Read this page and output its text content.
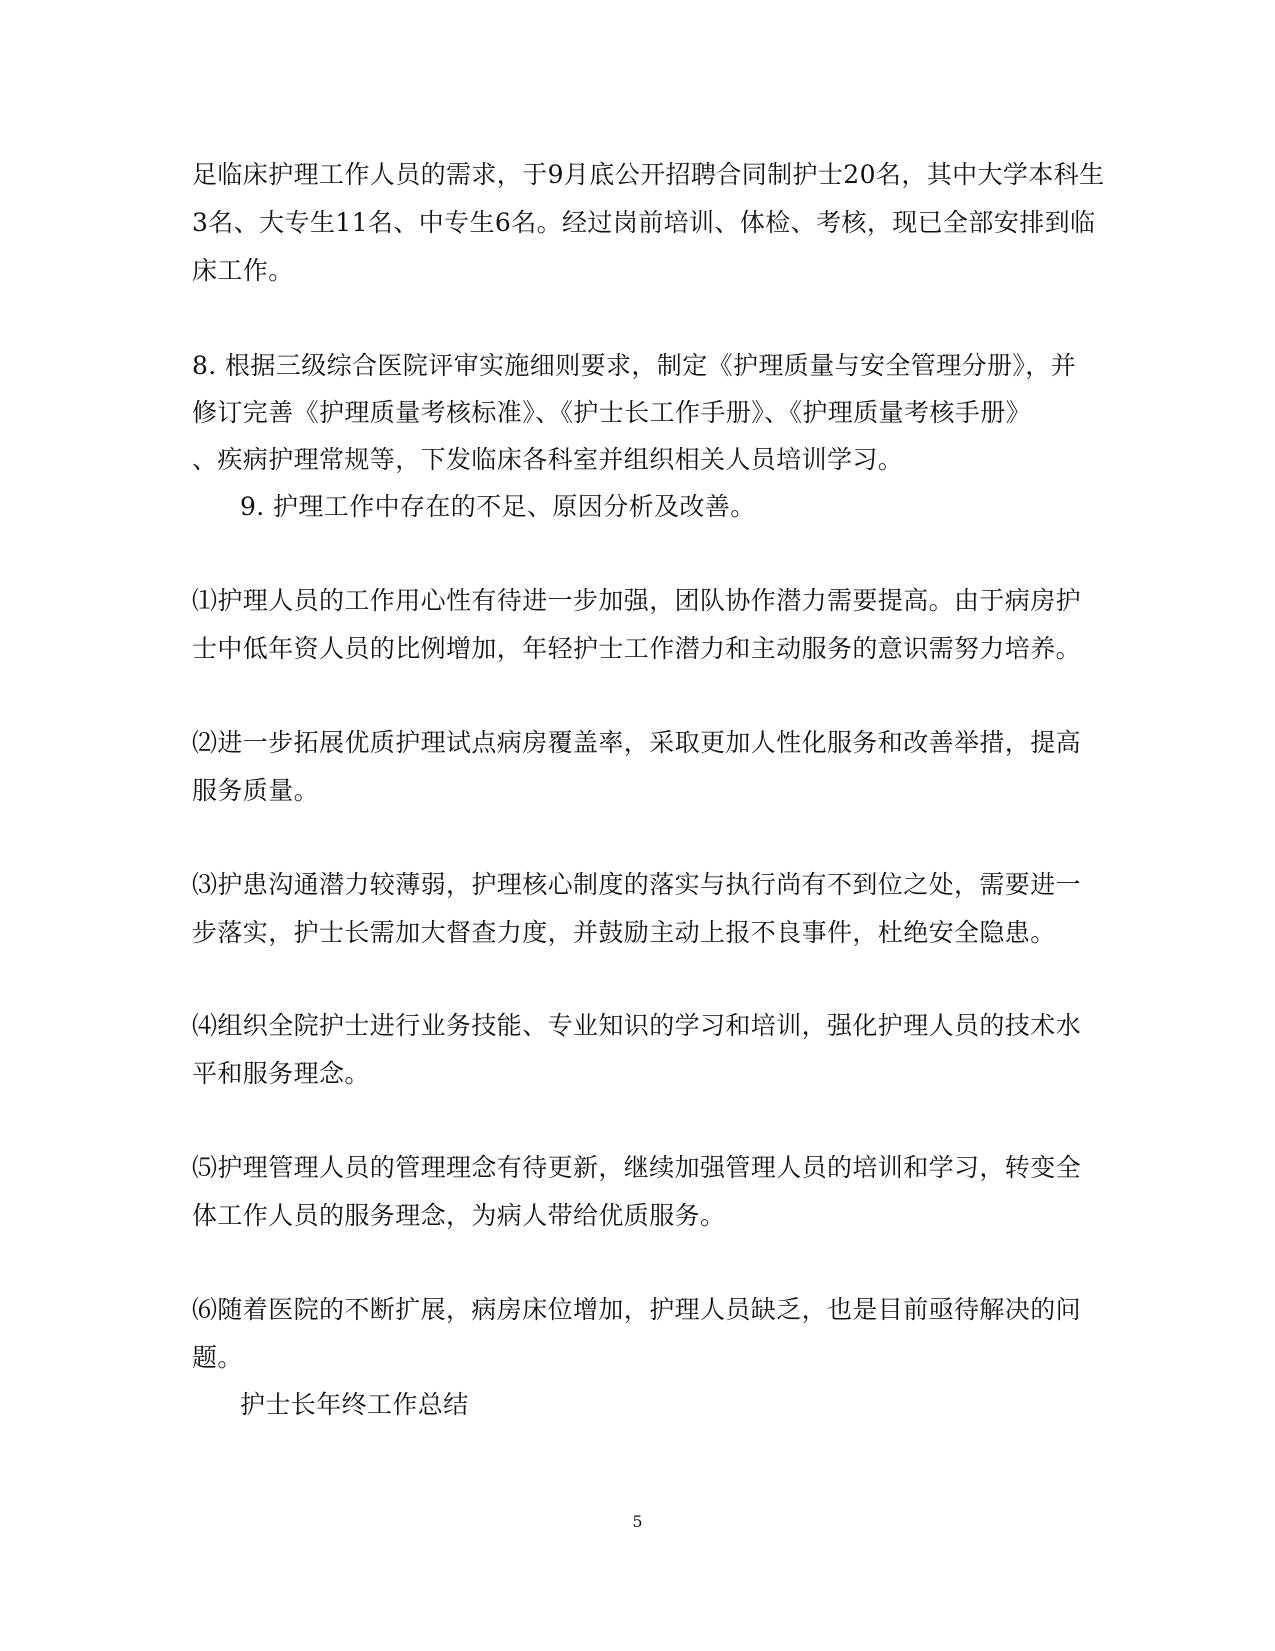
足临床护理工作人员的需求，于9月底公开招聘合同制护士20名，其中大学本科生
3名、大专生11名、中专生6名。经过岗前培训、体检、考核，现已全部安排到临
床工作。
8. 根据三级综合医院评审实施细则要求，制定《护理质量与安全管理分册》，并
修订完善《护理质量考核标准》、《护士长工作手册》、《护理质量考核手册》
、疾病护理常规等，下发临床各科室并组织相关人员培训学习。
9. 护理工作中存在的不足、原因分析及改善。
⑴护理人员的工作用心性有待进一步加强，团队协作潜力需要提高。由于病房护
士中低年资人员的比例增加，年轻护士工作潜力和主动服务的意识需努力培养。
⑵进一步拓展优质护理试点病房覆盖率，采取更加人性化服务和改善举措，提高
服务质量。
⑶护患沟通潜力较薄弱，护理核心制度的落实与执行尚有不到位之处，需要进一
步落实，护士长需加大督查力度，并鼓励主动上报不良事件，杜绝安全隐患。
⑷组织全院护士进行业务技能、专业知识的学习和培训，强化护理人员的技术水
平和服务理念。
⑸护理管理人员的管理理念有待更新，继续加强管理人员的培训和学习，转变全
体工作人员的服务理念，为病人带给优质服务。
⑹随着医院的不断扩展，病房床位增加，护理人员缺乏，也是目前亟待解决的问
题。
护士长年终工作总结
5
